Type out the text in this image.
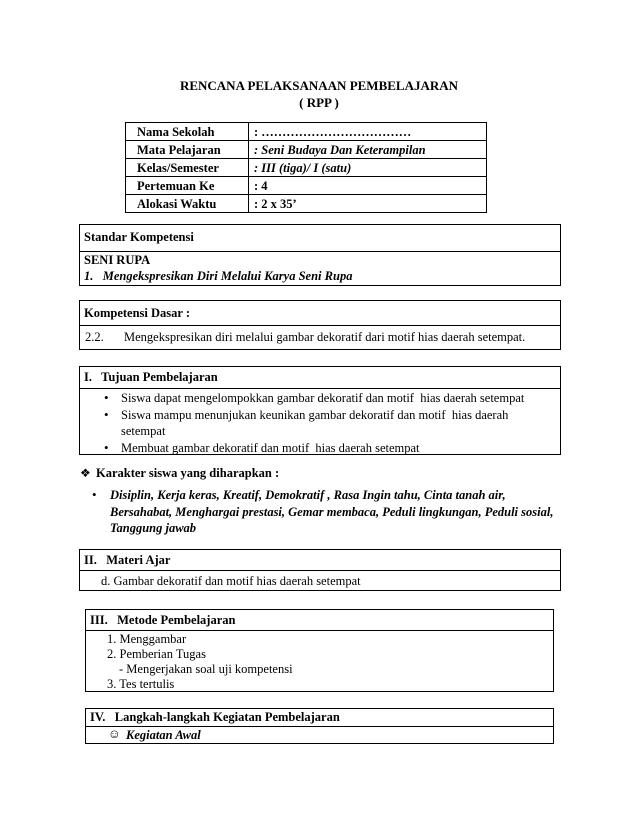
RENCANA PELAKSANAAN PEMBELAJARAN
( RPP )
Nama Sekolah	: ………………………………
Mata Pelajaran	: Seni Budaya Dan Keterampilan
Kelas/Semester	: III (tiga)/ I (satu)
Pertemuan Ke	: 4
Alokasi Waktu	: 2 x 35’
Standar Kompetensi
SENI RUPA
1.   Mengekspresikan Diri Melalui Karya Seni Rupa
Kompetensi Dasar :
2.2. Mengekspresikan diri melalui gambar dekoratif dari motif hias daerah setempat.
I.   Tujuan Pembelajaran
• Siswa dapat mengelompokkan gambar dekoratif dan motif  hias daerah setempat
• Siswa mampu menunjukan keunikan gambar dekoratif dan motif  hias daerah
setempat
• Membuat gambar dekoratif dan motif  hias daerah setempat
❖ Karakter siswa yang diharapkan :
• Disiplin, Kerja keras, Kreatif, Demokratif , Rasa Ingin tahu, Cinta tanah air,
Bersahabat, Menghargai prestasi, Gemar membaca, Peduli lingkungan, Peduli sosial,
Tanggung jawab
II.   Materi Ajar
d. Gambar dekoratif dan motif hias daerah setempat
III.   Metode Pembelajaran
1. Menggambar
2. Pemberian Tugas
- Mengerjakan soal uji kompetensi
3. Tes tertulis
IV.   Langkah-langkah Kegiatan Pembelajaran
☺ Kegiatan Awal
